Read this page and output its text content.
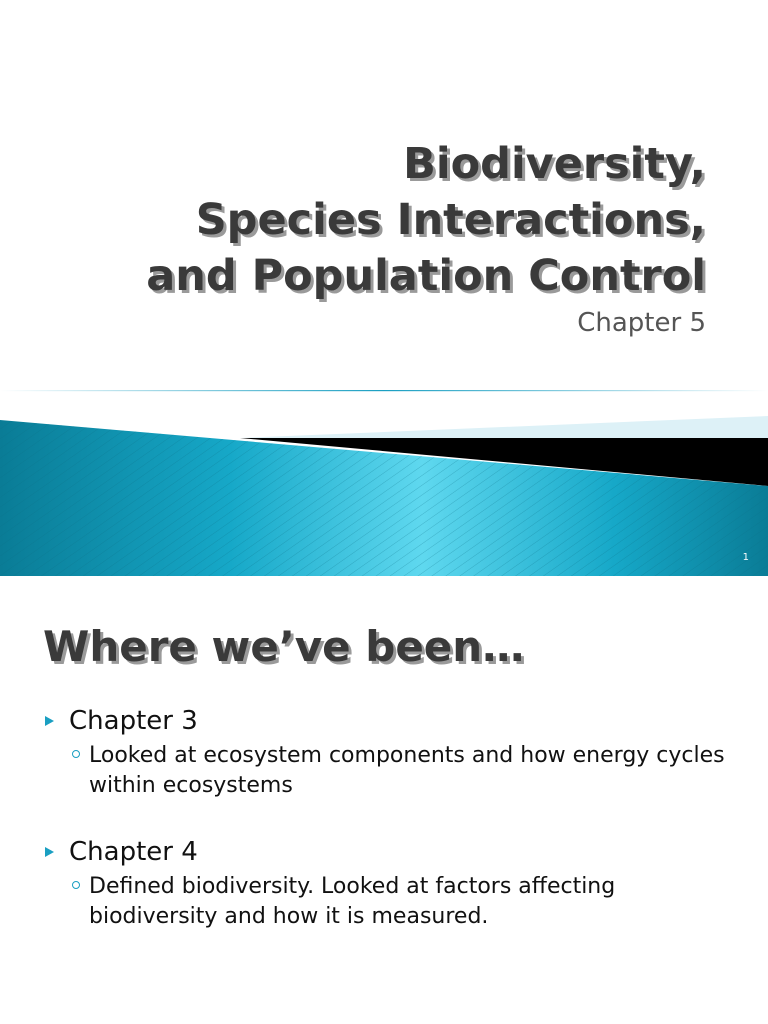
Biodiversity,
Species Interactions,
and Population Control

Chapter 5

1
Where we’ve been…
Chapter 3
Looked at ecosystem components and how energy cycles within ecosystems
Chapter 4
Defined biodiversity. Looked at factors affecting biodiversity and how it is measured.
